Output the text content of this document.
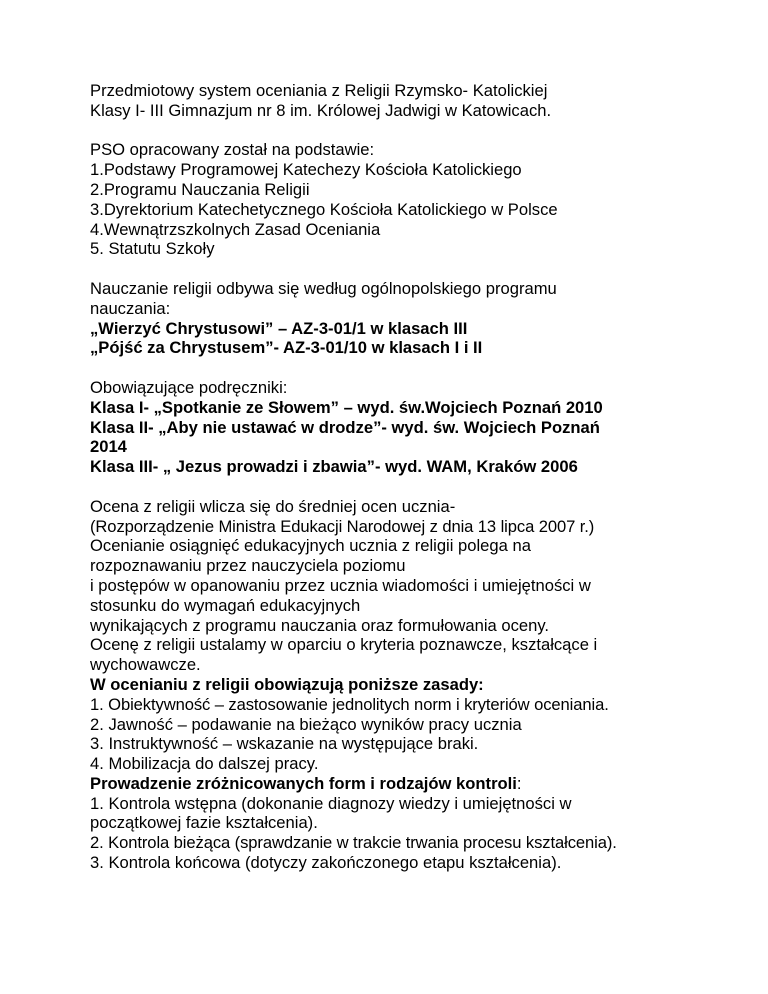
Przedmiotowy system oceniania z Religii Rzymsko- Katolickiej
Klasy I- III Gimnazjum nr 8 im. Królowej Jadwigi w Katowicach.
PSO opracowany został na podstawie:
1.Podstawy Programowej Katechezy Kościoła Katolickiego
2.Programu Nauczania Religii
3.Dyrektorium Katechetycznego Kościoła Katolickiego w Polsce
4.Wewnątrzszkolnych Zasad Oceniania
5. Statutu Szkoły
Nauczanie religii odbywa się według ogólnopolskiego programu
nauczania:
„Wierzyć Chrystusowi” – AZ-3-01/1 w klasach III
„Pójść za Chrystusem”- AZ-3-01/10 w klasach I i II
Obowiązujące podręczniki:
Klasa I- „Spotkanie ze Słowem” – wyd. św.Wojciech Poznań 2010
Klasa II- „Aby nie ustawać w drodze”- wyd. św. Wojciech Poznań
2014
Klasa III- „ Jezus prowadzi i zbawia”- wyd. WAM, Kraków 2006
Ocena z religii wlicza się do średniej ocen ucznia-
(Rozporządzenie Ministra Edukacji Narodowej z dnia 13 lipca 2007 r.)
Ocenianie osiągnięć edukacyjnych ucznia z religii polega na
rozpoznawaniu przez nauczyciela poziomu
i postępów w opanowaniu przez ucznia wiadomości i umiejętności w
stosunku do wymagań edukacyjnych
wynikających z programu nauczania oraz formułowania oceny.
Ocenę z religii ustalamy w oparciu o kryteria poznawcze, kształcące i
wychowawcze.
W ocenianiu z religii obowiązują poniższe zasady:
1. Obiektywność – zastosowanie jednolitych norm i kryteriów oceniania.
2. Jawność – podawanie na bieżąco wyników pracy ucznia
3. Instruktywność – wskazanie na występujące braki.
4. Mobilizacja do dalszej pracy.
Prowadzenie zróżnicowanych form i rodzajów kontroli:
1. Kontrola wstępna (dokonanie diagnozy wiedzy i umiejętności w
początkowej fazie kształcenia).
2. Kontrola bieżąca (sprawdzanie w trakcie trwania procesu kształcenia).
3. Kontrola końcowa (dotyczy zakończonego etapu kształcenia).
